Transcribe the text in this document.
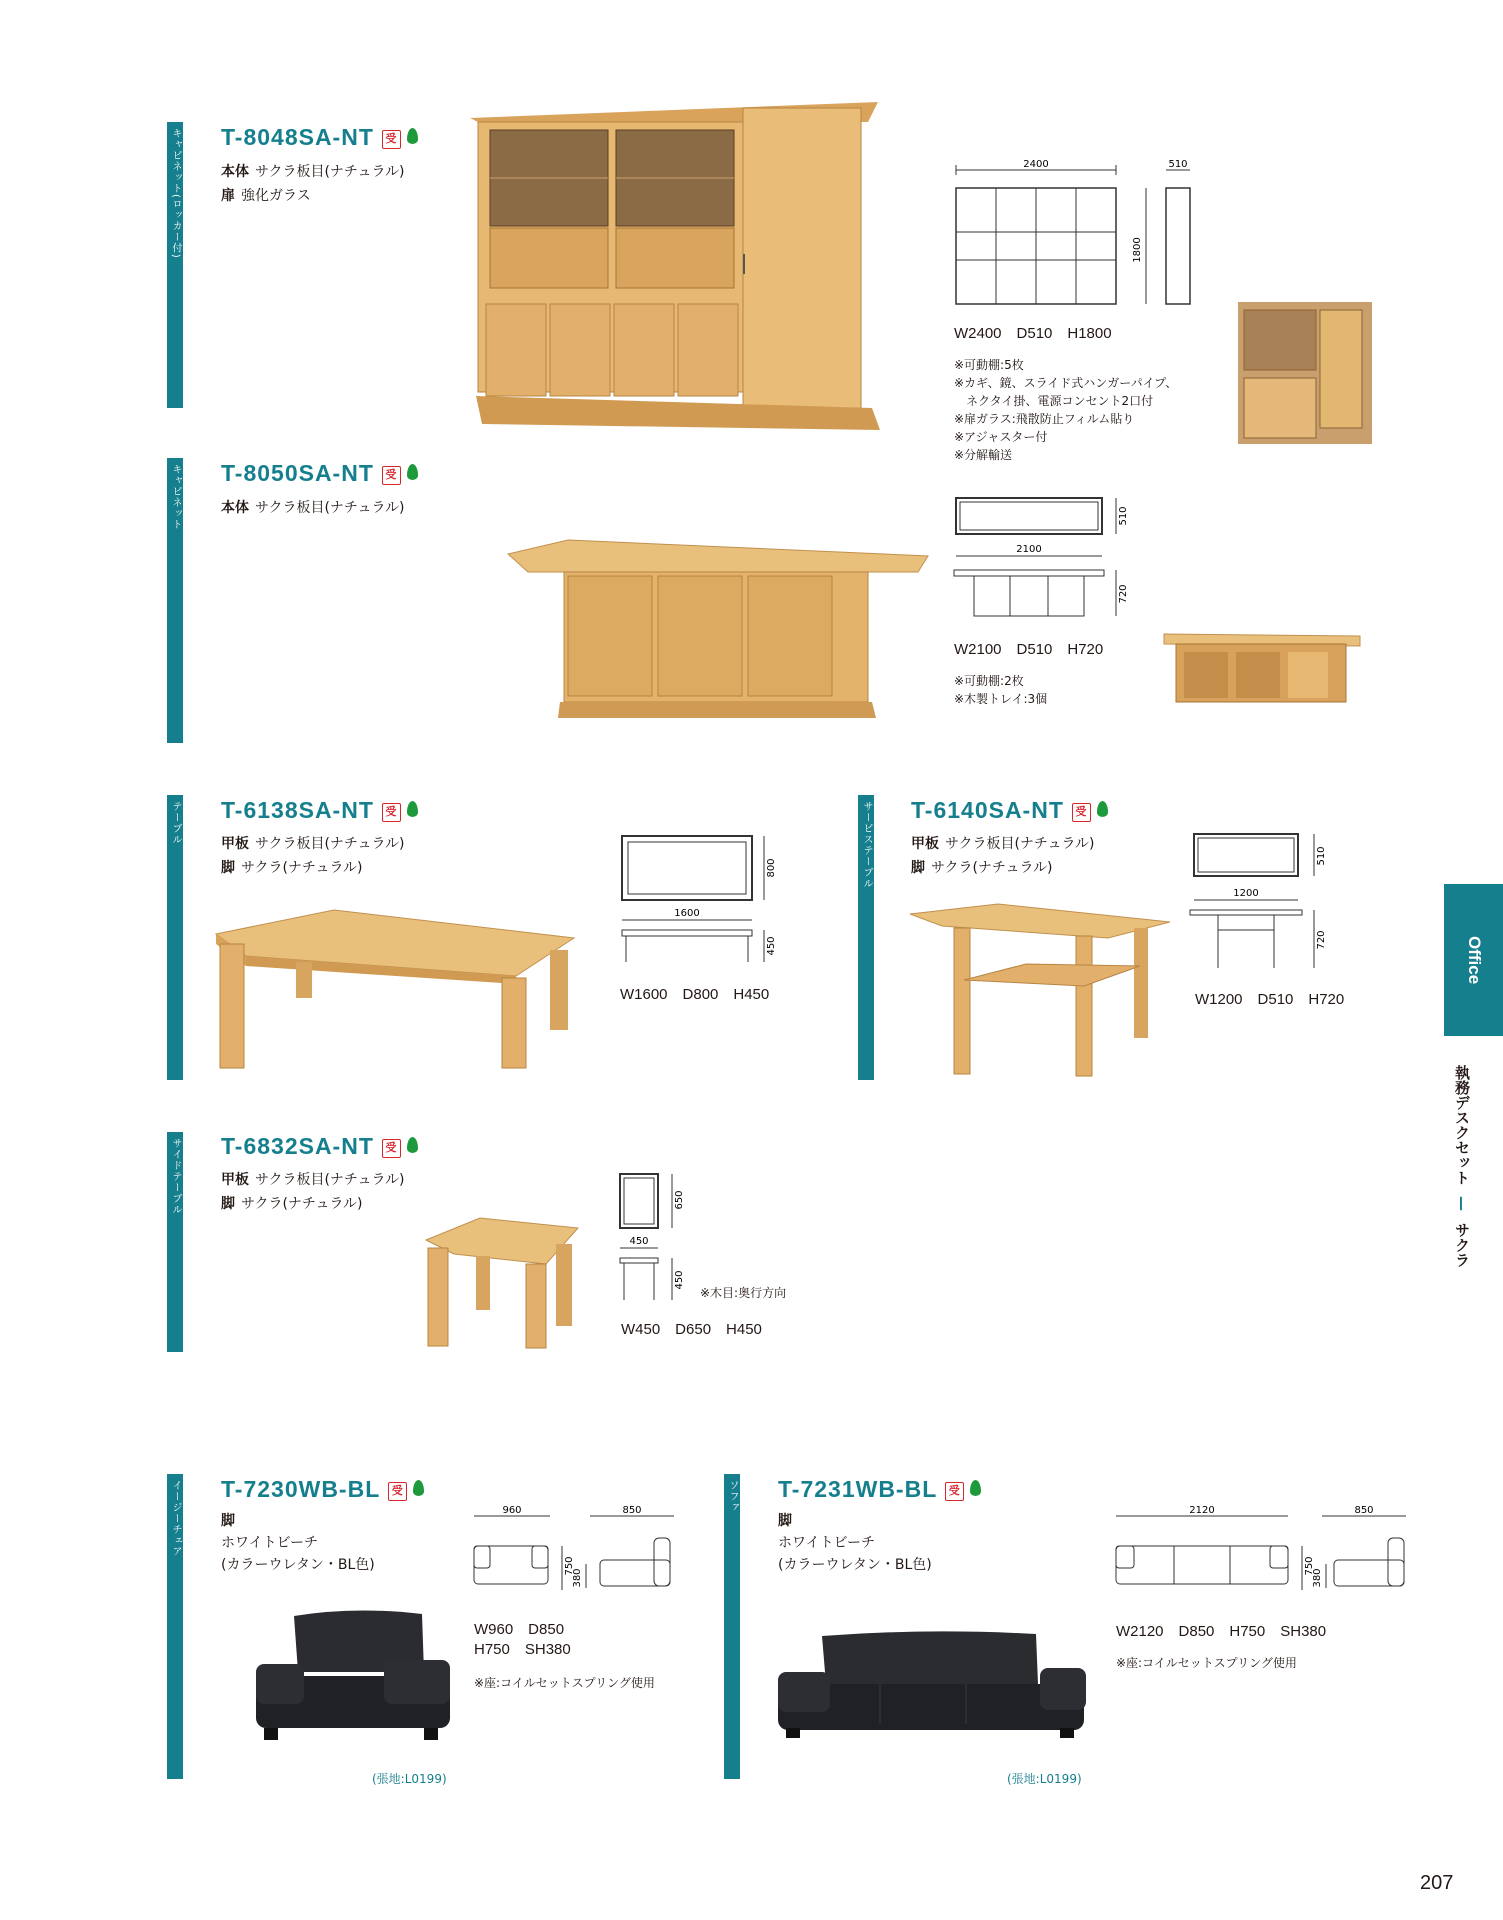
Office
執務デスクセット — サクラ
207
キャビネット(ロッカー付) T-8048SA-NT 受
本体 サクラ板目(ナチュラル)
扉 強化ガラス
2400	510
1800
W2400　D510　H1800
※可動棚:5枚
※カギ、鏡、スライド式ハンガーパイプ、
　ネクタイ掛、電源コンセント2口付
※扉ガラス:飛散防止フィルム貼り
※アジャスター付
※分解輸送
キャビネット T-8050SA-NT 受
本体 サクラ板目(ナチュラル)	510
2100
720
W2100　D510　H720
※可動棚:2枚
※木製トレイ:3個
テーブル T-6138SA-NT 受
甲板 サクラ板目(ナチュラル)
脚 サクラ(ナチュラル)	800
1600
450
W1600　D800　H450
サービステーブル T-6140SA-NT 受
甲板 サクラ板目(ナチュラル)
脚 サクラ(ナチュラル)
510
1200
720
W1200　D510　H720
サイドテーブル T-6832SA-NT 受
甲板 サクラ板目(ナチュラル)
脚 サクラ(ナチュラル)	650
450
450
※木目:奥行方向
W450　D650　H450
イージーチェア T-7230WB-BL 受
脚
ホワイトビーチ
(カラーウレタン・BL色)
960
750
850
380
W960　D850
H750　SH380
※座:コイルセットスプリング使用
(張地:L0199)
ソファ T-7231WB-BL 受
脚
ホワイトビーチ
(カラーウレタン・BL色)
2120
750
850
380
W2120　D850　H750　SH380
※座:コイルセットスプリング使用
(張地:L0199)
